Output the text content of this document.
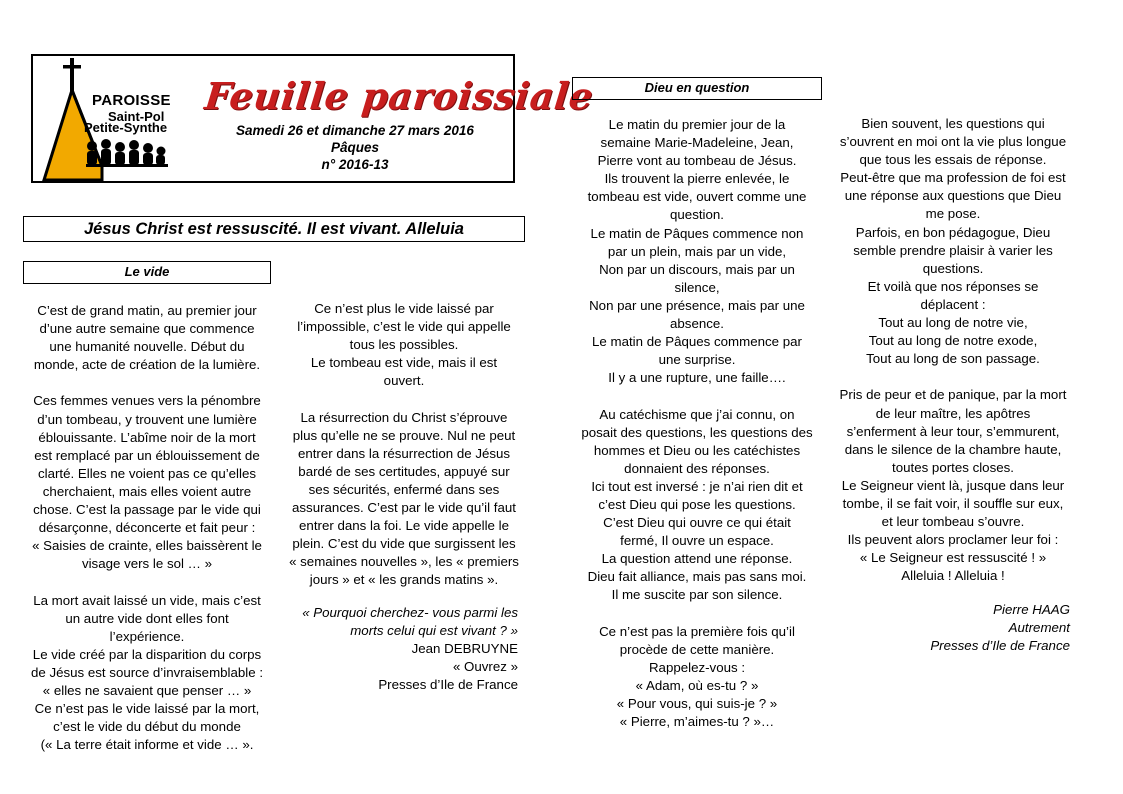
PAROISSE
Saint-Pol
Petite-Synthe
Feuille paroissiale
Samedi 26 et dimanche 27 mars 2016
Pâques
n° 2016-13
Jésus Christ est ressuscité. Il est vivant. Alleluia
Le vide

C’est de grand matin, au premier jour

d’une autre semaine que commence

une humanité nouvelle. Début du

monde, acte de création de la lumière.

Ces femmes venues vers la pénombre

d’un tombeau, y trouvent une lumière

éblouissante. L’abîme noir de la mort

est remplacé par un éblouissement de

clarté. Elles ne voient pas ce qu’elles

cherchaient, mais elles voient autre

chose. C’est la passage par le vide qui

désarçonne, déconcerte et fait peur :

« Saisies de crainte, elles baissèrent le

visage vers le sol … »

La mort avait laissé un vide, mais c’est

un autre vide dont elles font

l’expérience.

Le vide créé par la disparition du corps

de Jésus est source d’invraisemblable :

« elles ne savaient que penser … »

Ce n’est pas le vide laissé par la mort,

c’est le vide du début du monde

(« La terre était informe et vide … ».

Ce n’est plus le vide laissé par

l’impossible, c’est le vide qui appelle

tous les possibles.

Le tombeau est vide, mais il est

ouvert.

La résurrection du Christ s’éprouve

plus qu’elle ne se prouve. Nul ne peut

entrer dans la résurrection de Jésus

bardé de ses certitudes, appuyé sur

ses sécurités, enfermé dans ses

assurances. C’est par le vide qu’il faut

entrer dans la foi. Le vide appelle le

plein. C’est du vide que surgissent les

« semaines nouvelles », les « premiers

jours » et « les grands matins ».

« Pourquoi cherchez- vous parmi les

morts celui qui est vivant ? »

Jean DEBRUYNE

« Ouvrez »

Presses d’Ile de France

Dieu en question

Le matin du premier jour de la

semaine Marie-Madeleine, Jean,

Pierre vont au tombeau de Jésus.

Ils trouvent la pierre enlevée, le

tombeau est vide, ouvert comme une

question.

Le matin de Pâques commence non

par un plein, mais par un vide,

Non par un discours, mais par un

silence,

Non par une présence, mais par une

absence.

Le matin de Pâques commence par

une surprise.

Il y a une rupture, une faille….

Au catéchisme que j’ai connu, on

posait des questions, les questions des

hommes et Dieu ou les catéchistes

donnaient des réponses.

Ici tout est inversé : je n’ai rien dit et

c’est Dieu qui pose les questions.

C’est Dieu qui ouvre ce qui était

fermé, Il ouvre un espace.

La question attend une réponse.

Dieu fait alliance, mais pas sans moi.

Il me suscite par son silence.

Ce n’est pas la première fois qu’il

procède de cette manière.

Rappelez-vous :

« Adam, où es-tu ? »

« Pour vous, qui suis-je ? »

« Pierre, m’aimes-tu ? »…

Bien souvent, les questions qui

s’ouvrent en moi ont la vie plus longue

que tous les essais de réponse.

Peut-être que ma profession de foi est

une réponse aux questions que Dieu

me pose.

Parfois, en bon pédagogue, Dieu

semble prendre plaisir à varier les

questions.

Et voilà que nos réponses se

déplacent :

Tout au long de notre vie,

Tout au long de notre exode,

Tout au long de son passage.

Pris de peur et de panique, par la mort

de leur maître, les apôtres

s’enferment à leur tour, s’emmurent,

dans le silence de la chambre haute,

toutes portes closes.

Le Seigneur vient là, jusque dans leur

tombe, il se fait voir, il souffle sur eux,

et leur tombeau s’ouvre.

Ils peuvent alors proclamer leur foi :

« Le Seigneur est ressuscité ! »

Alleluia ! Alleluia !

Pierre HAAG

Autrement

Presses d’Ile de France
